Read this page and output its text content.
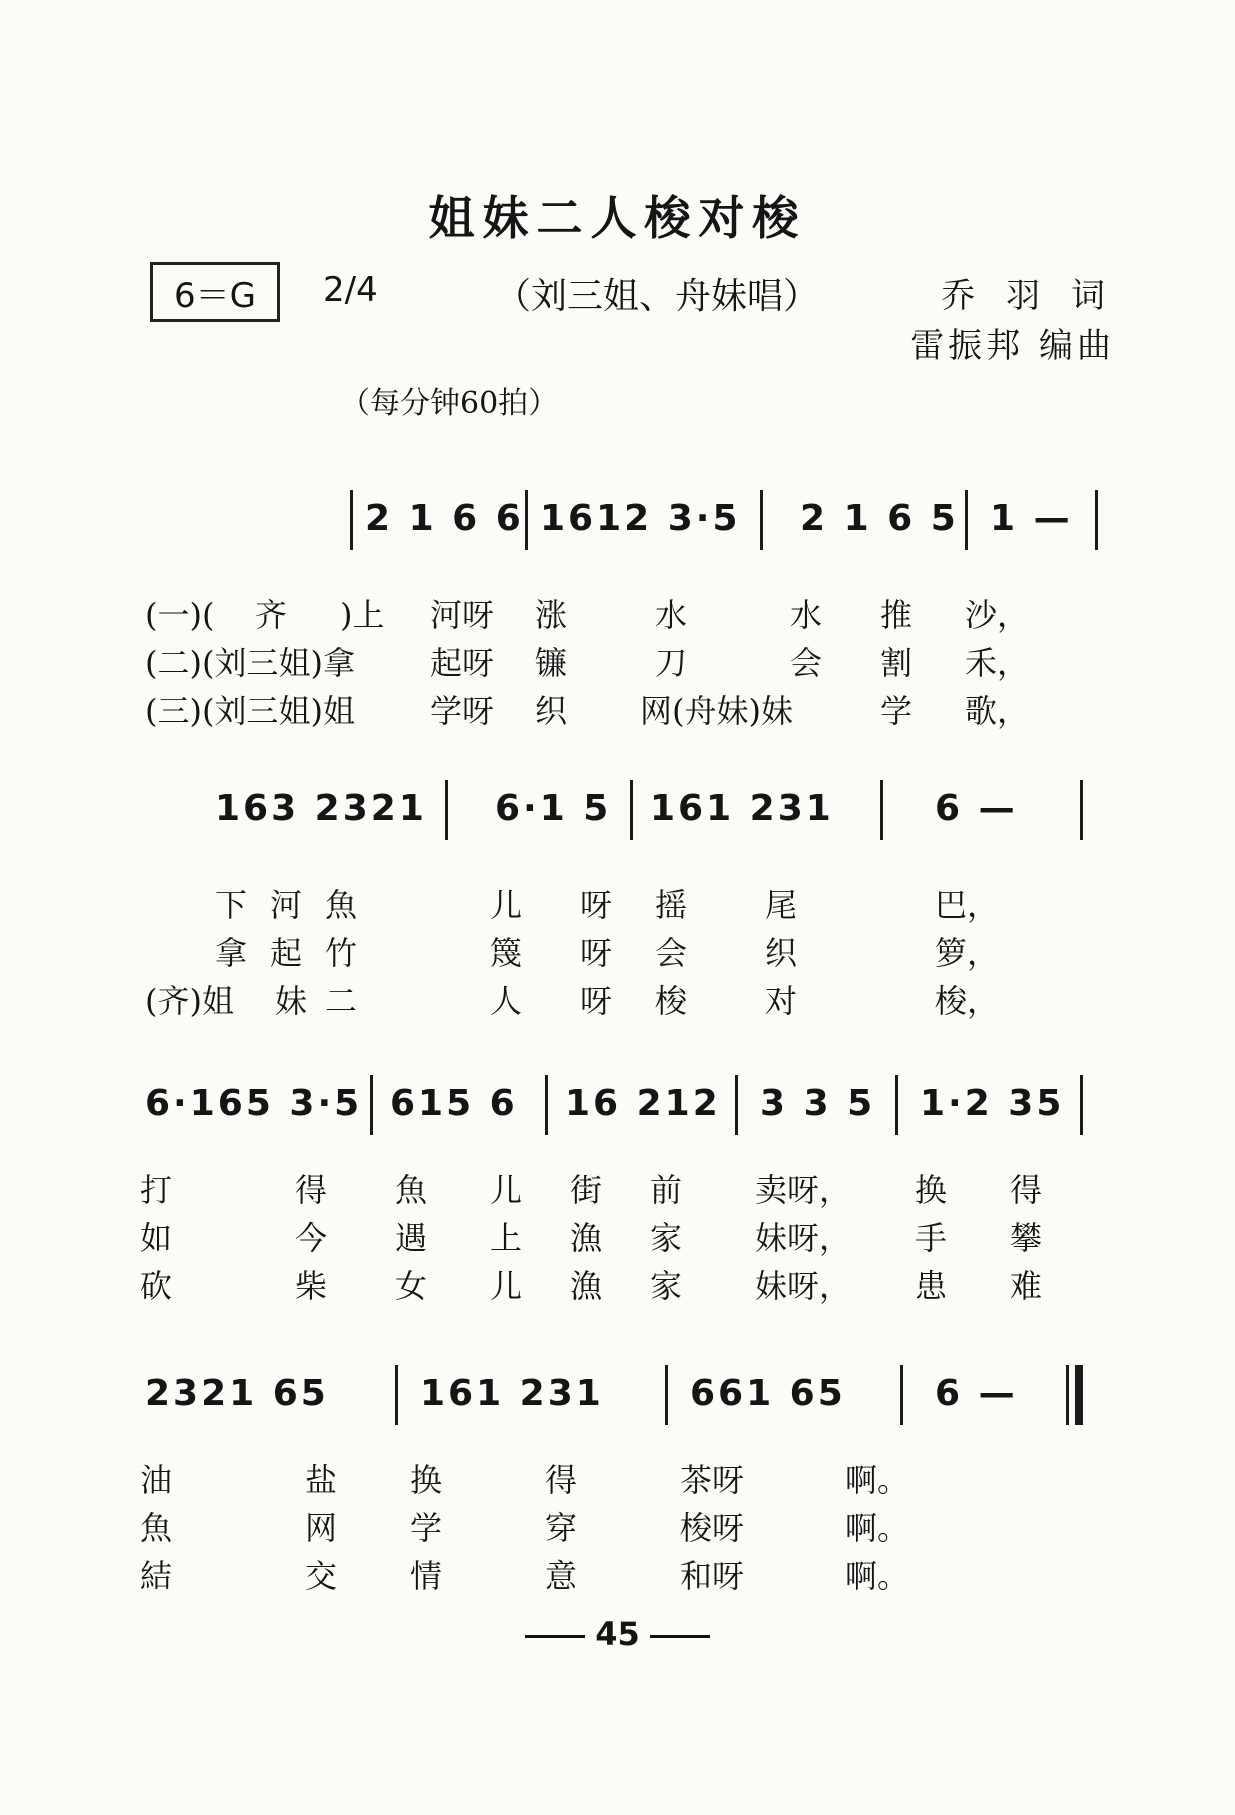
姐妹二人梭对梭
6＝G	2/4	（刘三姐、舟妹唱）	乔 羽 词
雷振邦 编曲
（每分钟60拍）
2 1 6 6 1612 3·5 2 1 6 5 1 —
(一)( 齐 )上 河呀 涨	水	水 推 沙，
(二)(刘三姐)拿 起呀 镰	刀	会 割 禾，
(三)(刘三姐)姐 学呀 织 网(舟妹)妹	学 歌，
163 2321 6·1 5 161 231	6 —
下 河 魚	儿 呀 摇 尾	巴，
拿 起 竹	篾 呀 会 织	箩，
(齐)姐 妹 二	人 呀 梭 对	梭，
6·165 3·5 615 6 16 212 3 3 5 1·2 35
打	得 魚 儿 街 前 卖呀， 换 得
如	今 遇 上 漁 家 妹呀， 手 攀
砍	柴 女 儿 漁 家 妹呀， 患 难
2321 65	161 231 661 65 6 —
油	盐 换	得	茶呀	啊。
魚	网 学	穿	梭呀	啊。
結	交 情	意	和呀	啊。
45
